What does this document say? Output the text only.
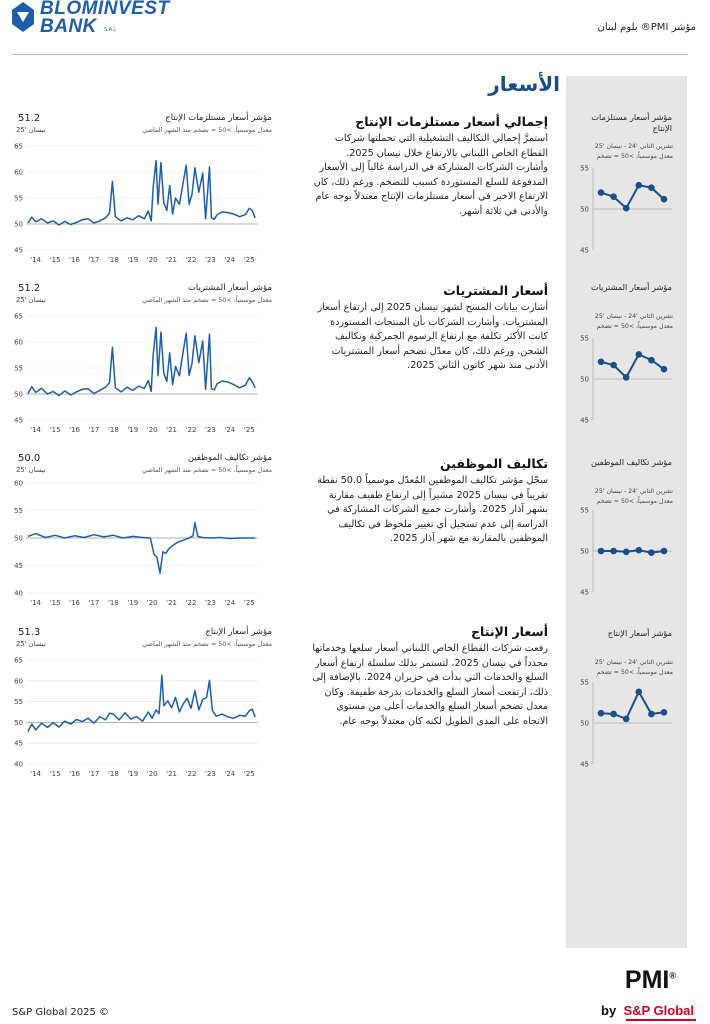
BLOMINVEST
BANK S.A.L	مؤشر PMI® بلوم لبنان
الأسعار
إجمالي أسعار مستلزمات الإنتاج
استمرَّ إجمالي التكاليف التشغيلية التي تحملتها شركات القطاع الخاص اللبناني بالارتفاع خلال نيسان 2025. وأشارت الشركات المشاركة في الدراسة غالباً إلى الأسعار المدفوعة للسلع المستوردة كسبب للتضخم. ورغم ذلك، كان الارتفاع الاخير في أسعار مستلزمات الإنتاج معتدلاً بوجه عام والأدنى في ثلاثة أشهر.
مؤشر أسعار مستلزمات الإنتاج
معدل موسمياً، >50 = تضخم منذ الشهر الماضي
51.2
نيسان '25
مؤشر أسعار مستلزمات الإنتاج
تشرين الثاني '24 - نيسان '25
معدل موسمياً، >50 = تضخم
أسعار المشتريات
أشارت بيانات المسح لشهر نيسان 2025 إلى ارتفاع أسعار المشتريات. وأشارت الشركات بأن المنتجات المستوردة كانت الأكثر تكلفة مع ارتفاع الرسوم الجمركية وتكاليف الشحن. ورغم ذلك، كان معدّل تضخم أسعار المشتريات الأدنى منذ شهر كانون الثاني 2025.
مؤشر أسعار المشتريات
معدل موسمياً، >50 = تضخم منذ الشهر الماضي
51.2
نيسان '25
مؤشر أسعار المشتريات
تشرين الثاني '24 - نيسان '25
معدل موسمياً، >50 = تضخم
تكاليف الموظفين
سجّل مؤشر تكاليف الموظفين المُعدّل موسمياً 50.0 نقطة تقريباً في نيسان 2025 مشيراً إلى ارتفاع طفيف مقارنة بشهر آذار 2025. وأشارت جميع الشركات المشاركة في الدراسة إلى عدم تسجيل أي تغيير ملحوظ في تكاليف الموظفين بالمقارنة مع شهر آذار 2025.
مؤشر تكاليف الموظفين
معدل موسمياً، >50 = تضخم منذ الشهر الماضي
50.0
نيسان '25
مؤشر تكاليف الموظفين
تشرين الثاني '24 - نيسان '25
معدل موسمياً، >50 = تضخم
أسعار الإنتاج
رفعت شركات القطاع الخاص اللبناني أسعار سلعها وخدماتها مجدداً في نيسان 2025، لتستمر بذلك سلسلة ارتفاع أسعار السلع والخدمات التي بدأت في حزيران 2024. بالإضافة إلى ذلك، ارتفعت أسعار السلع والخدمات بدرجة طفيفة. وكان معدل تضخم أسعار السلع والخدمات أعلى من مستوى الاتجاه على المدى الطويل لكنه كان معتدلاً بوجه عام.
مؤشر أسعار الإنتاج
معدل موسمياً، >50 = تضخم منذ الشهر الماضي
51.3
نيسان '25
مؤشر أسعار الإنتاج
تشرين الثاني '24 - نيسان '25
معدل موسمياً، >50 = تضخم
S&P Global 2025 ©
PMI®
by S&P Global
45
50
55
60
65
'14 '15 '16 '17 '18 '19 '20 '21 '22 '23 '24 '25
45
50
55
60
65
'14 '15 '16 '17 '18 '19 '20 '21 '22 '23 '24 '25
40
45
50
55
60
'14 '15 '16 '17 '18 '19 '20 '21 '22 '23 '24 '25
40
45
50
55
60
65
'14 '15 '16 '17 '18 '19 '20 '21 '22 '23 '24 '25
45
50
55
45
50
55
45
50
55
45
50
55
